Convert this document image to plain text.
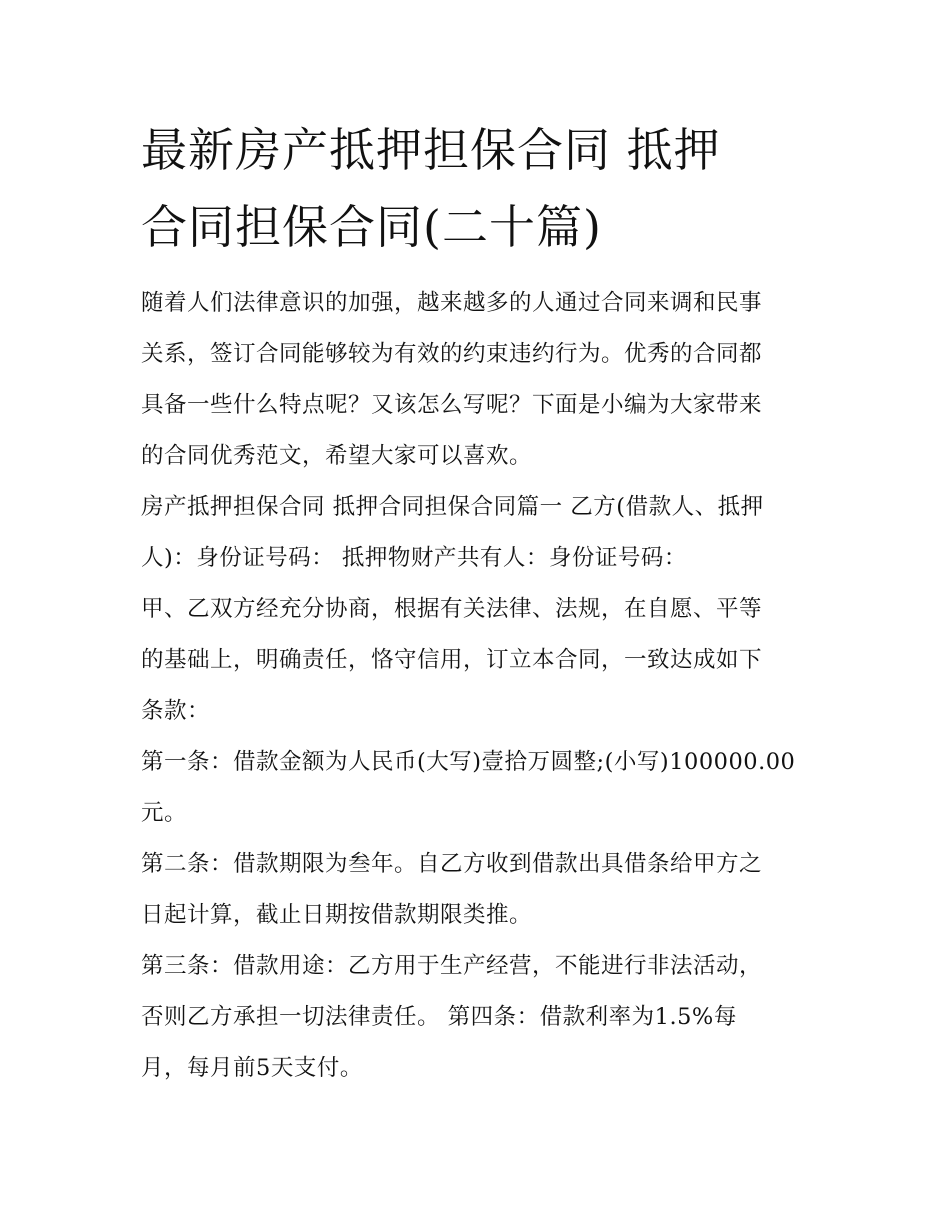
最新房产抵押担保合同 抵押
合同担保合同(二十篇)

随着人们法律意识的加强，越来越多的人通过合同来调和民事
关系，签订合同能够较为有效的约束违约行为。优秀的合同都
具备一些什么特点呢？又该怎么写呢？下面是小编为大家带来
的合同优秀范文，希望大家可以喜欢。

房产抵押担保合同 抵押合同担保合同篇一 乙方(借款人、抵押
人)：身份证号码： 抵押物财产共有人：身份证号码：

甲、乙双方经充分协商，根据有关法律、法规，在自愿、平等
的基础上，明确责任，恪守信用，订立本合同，一致达成如下
条款：

第一条：借款金额为人民币(大写)壹拾万圆整;(小写)100000.00
元。

第二条：借款期限为叁年。自乙方收到借款出具借条给甲方之
日起计算，截止日期按借款期限类推。

第三条：借款用途：乙方用于生产经营，不能进行非法活动，
否则乙方承担一切法律责任。 第四条：借款利率为1.5%每
月，每月前5天支付。
